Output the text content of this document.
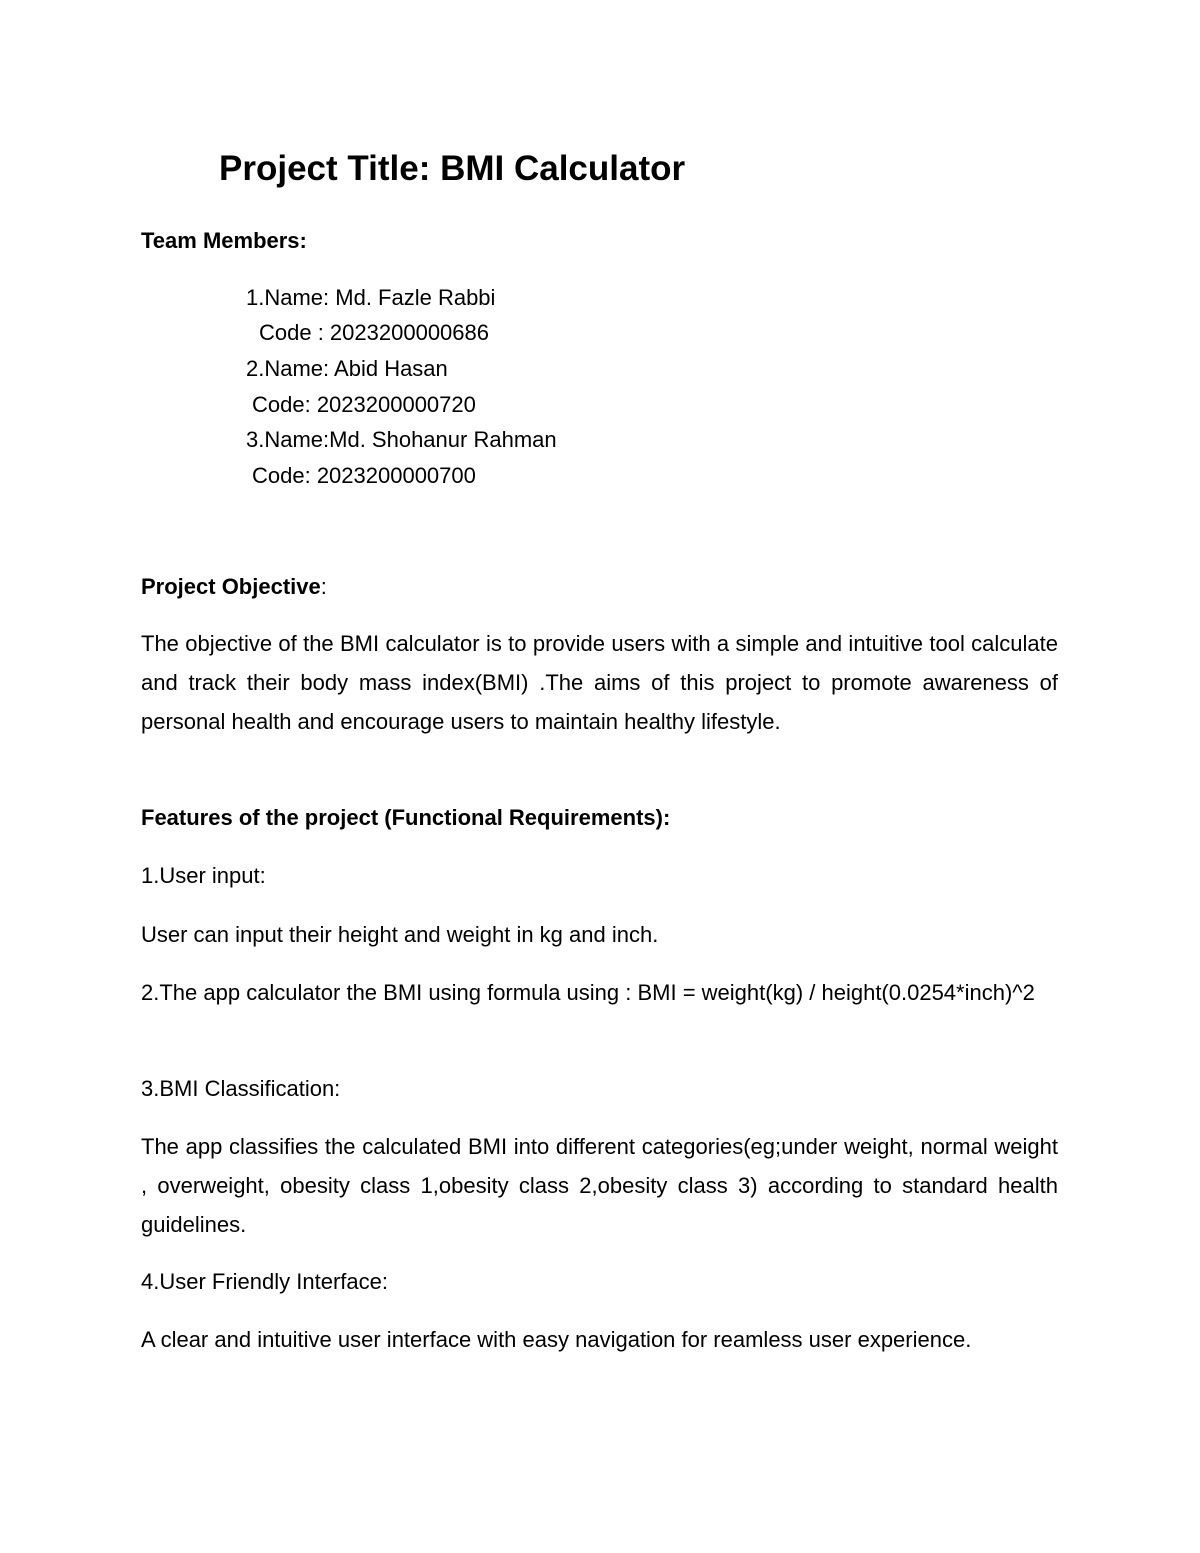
Project Title: BMI Calculator
Team Members:
1.Name: Md. Fazle Rabbi
Code : 2023200000686
2.Name: Abid Hasan
Code: 2023200000720
3.Name:Md. Shohanur Rahman
Code: 2023200000700
Project Objective:
The objective of the BMI calculator is to provide users with a simple and intuitive tool calculate and track their body mass index(BMI) .The aims of this project to promote awareness of personal health and encourage users to maintain healthy lifestyle.
Features of the project (Functional Requirements):
1.User input:
User can input their height and weight in kg and inch.
2.The app calculator the BMI using formula using : BMI = weight(kg) / height(0.0254*inch)^2
3.BMI Classification:
The app classifies the calculated BMI into different categories(eg;under weight, normal weight , overweight, obesity class 1,obesity class 2,obesity class 3) according to standard health guidelines.
4.User Friendly Interface:
A clear and intuitive user interface with easy navigation for reamless user experience.
